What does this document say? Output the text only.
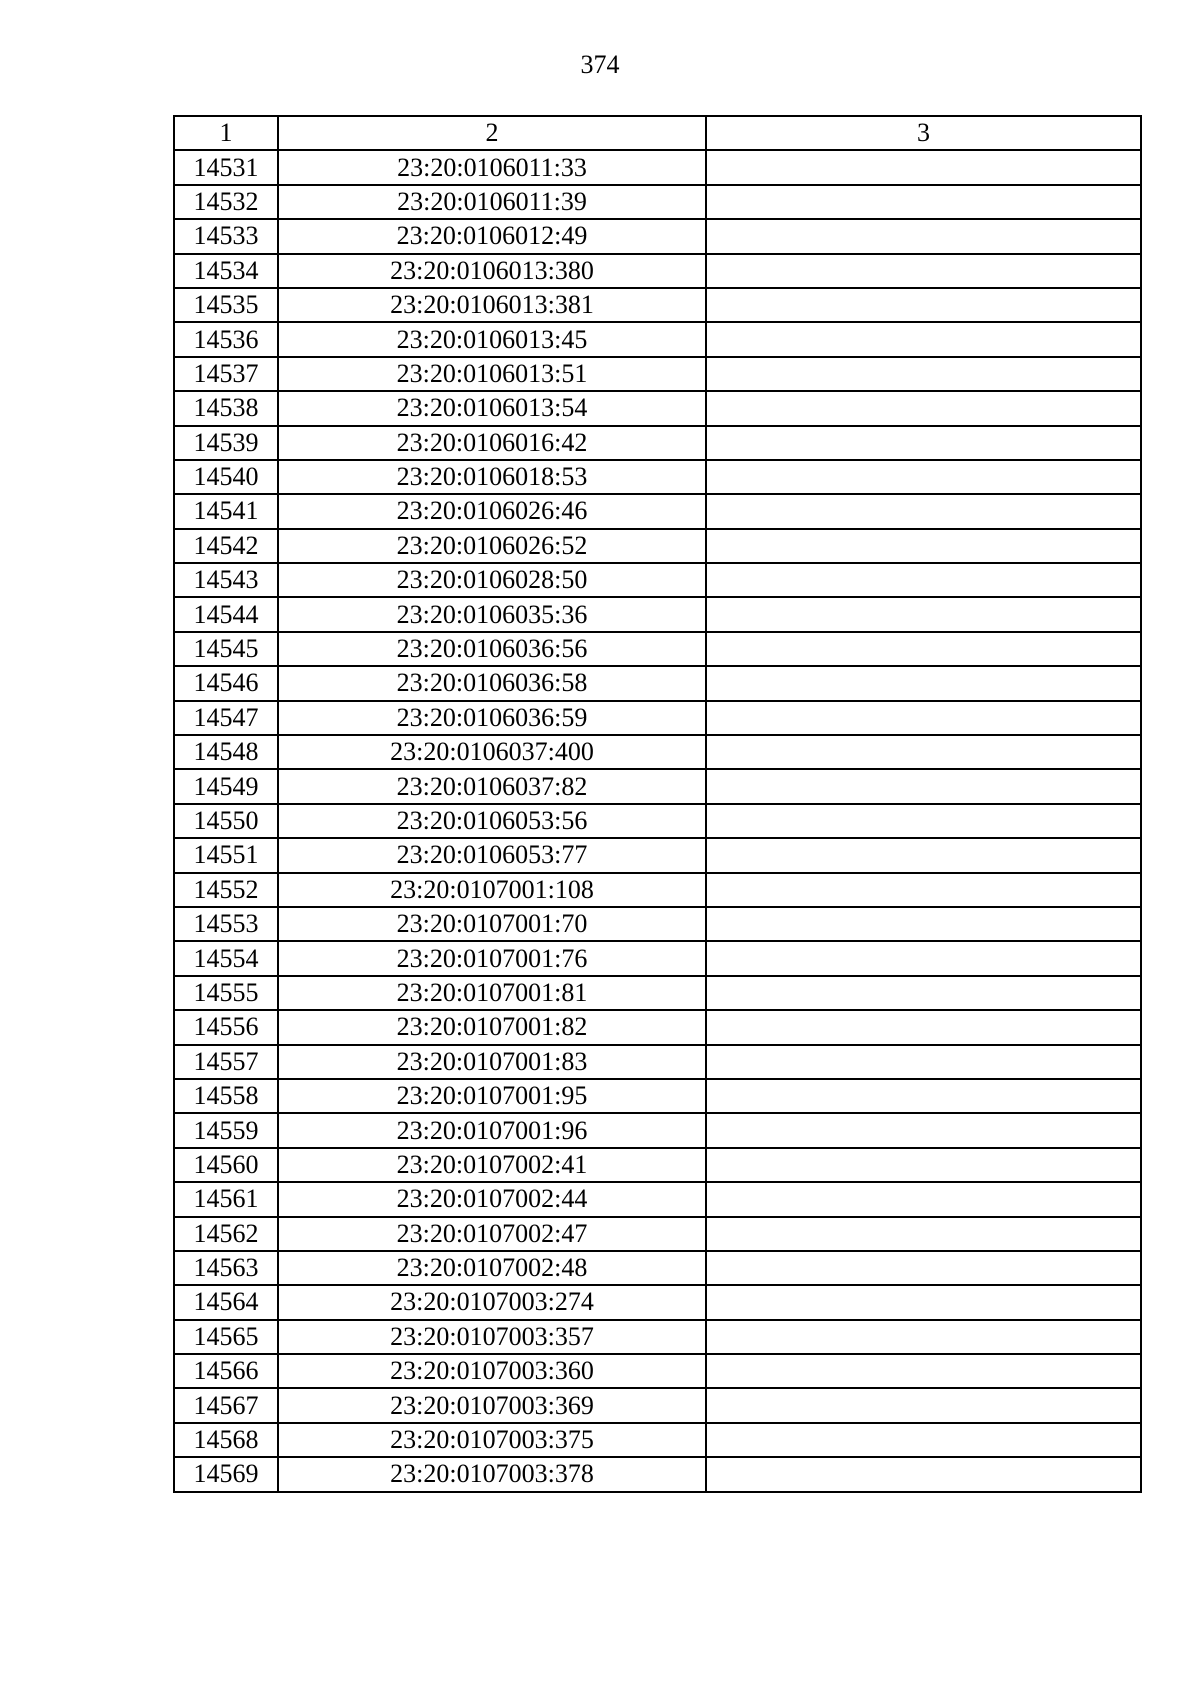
374
1	2	3
14531	23:20:0106011:33	
14532	23:20:0106011:39	
14533	23:20:0106012:49	
14534	23:20:0106013:380	
14535	23:20:0106013:381	
14536	23:20:0106013:45	
14537	23:20:0106013:51	
14538	23:20:0106013:54	
14539	23:20:0106016:42	
14540	23:20:0106018:53	
14541	23:20:0106026:46	
14542	23:20:0106026:52	
14543	23:20:0106028:50	
14544	23:20:0106035:36	
14545	23:20:0106036:56	
14546	23:20:0106036:58	
14547	23:20:0106036:59	
14548	23:20:0106037:400	
14549	23:20:0106037:82	
14550	23:20:0106053:56	
14551	23:20:0106053:77	
14552	23:20:0107001:108	
14553	23:20:0107001:70	
14554	23:20:0107001:76	
14555	23:20:0107001:81	
14556	23:20:0107001:82	
14557	23:20:0107001:83	
14558	23:20:0107001:95	
14559	23:20:0107001:96	
14560	23:20:0107002:41	
14561	23:20:0107002:44	
14562	23:20:0107002:47	
14563	23:20:0107002:48	
14564	23:20:0107003:274	
14565	23:20:0107003:357	
14566	23:20:0107003:360	
14567	23:20:0107003:369	
14568	23:20:0107003:375	
14569	23:20:0107003:378	
